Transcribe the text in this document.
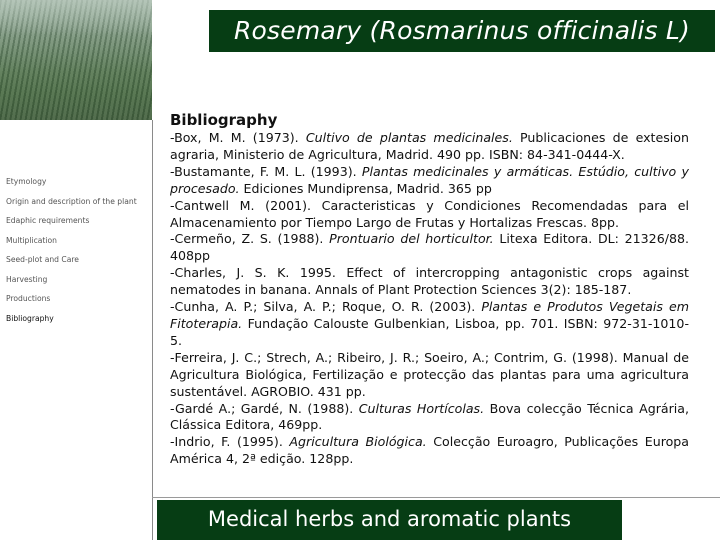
Rosemary (Rosmarinus officinalis L)
Etymology
Origin and description of the plant
Edaphic requirements
Multiplication
Seed-plot and Care
Harvesting
Productions
Bibliography
Bibliography
-Box, M. M. (1973). Cultivo de plantas medicinales. Publicaciones de extesion agraria, Ministerio de Agricultura, Madrid. 490 pp. ISBN: 84-341-0444-X.
-Bustamante, F. M. L. (1993). Plantas medicinales y armáticas. Estúdio, cultivo y procesado. Ediciones Mundiprensa, Madrid. 365 pp
-Cantwell M. (2001). Caracteristicas y Condiciones Recomendadas para el Almacenamiento por Tiempo Largo de Frutas y Hortalizas Frescas. 8pp.
-Cermeño, Z. S. (1988). Prontuario del horticultor. Litexa Editora. DL: 21326/88. 408pp
-Charles, J. S. K. 1995. Effect of intercropping antagonistic crops against nematodes in banana. Annals of Plant Protection Sciences 3(2): 185-187.
-Cunha, A. P.; Silva, A. P.; Roque, O. R. (2003). Plantas e Produtos Vegetais em Fitoterapia. Fundação Calouste Gulbenkian, Lisboa, pp. 701. ISBN: 972-31-1010-5.
-Ferreira, J. C.; Strech, A.; Ribeiro, J. R.; Soeiro, A.; Contrim, G. (1998). Manual de Agricultura Biológica, Fertilização e protecção das plantas para uma agricultura sustentável. AGROBIO. 431 pp.
-Gardé A.; Gardé, N. (1988). Culturas Hortícolas. Bova colecção Técnica Agrária, Clássica Editora, 469pp.
-Indrio, F. (1995). Agricultura Biológica. Colecção Euroagro, Publicações Europa América 4, 2ª edição. 128pp.
Medical herbs and aromatic plants
